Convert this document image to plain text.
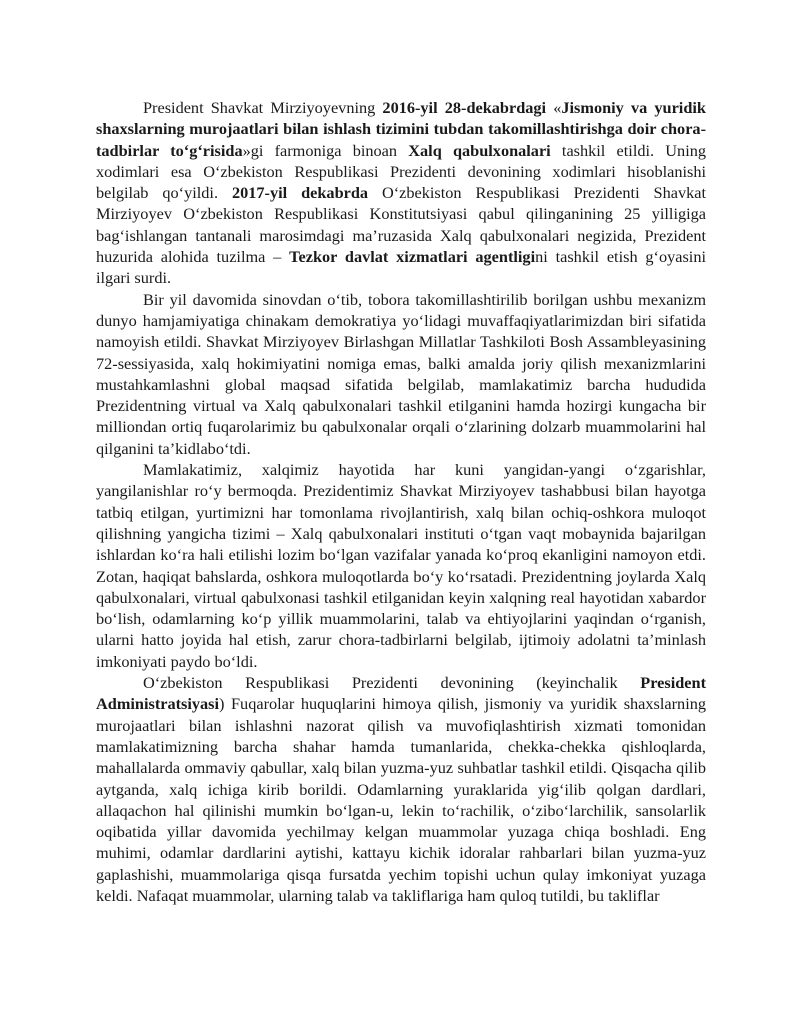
President Shavkat Mirziyoyevning 2016-yil 28-dekabrdagi «Jismoniy va yuridik shaxslarning murojaatlari bilan ishlash tizimini tubdan takomillashtirishga doir chora-tadbirlar to‘g‘risida»gi farmoniga binoan Xalq qabulxonalari tashkil etildi. Uning xodimlari esa O‘zbekiston Respublikasi Prezidenti devonining xodimlari hisoblanishi belgilab qo‘yildi. 2017-yil dekabrda O‘zbekiston Respublikasi Prezidenti Shavkat Mirziyoyev O‘zbekiston Respublikasi Konstitutsiyasi qabul qilinganining 25 yilligiga bag‘ishlangan tantanali marosimdagi ma’ruzasida Xalq qabulxonalari negizida, Prezident huzurida alohida tuzilma – Tezkor davlat xizmatlari agentligini tashkil etish g‘oyasini ilgari surdi.

Bir yil davomida sinovdan o‘tib, tobora takomillashtirilib borilgan ushbu mexanizm dunyo hamjamiyatiga chinakam demokratiya yo‘lidagi muvaffaqiyatlarimizdan biri sifatida namoyish etildi. Shavkat Mirziyoyev Birlashgan Millatlar Tashkiloti Bosh Assambleyasining 72-sessiyasida, xalq hokimiyatini nomiga emas, balki amalda joriy qilish mexanizmlarini mustahkamlashni global maqsad sifatida belgilab, mamlakatimiz barcha hududida Prezidentning virtual va Xalq qabulxonalari tashkil etilganini hamda hozirgi kungacha bir milliondan ortiq fuqarolarimiz bu qabulxonalar orqali o‘zlarining dolzarb muammolarini hal qilganini ta’kidlabo‘tdi.

Mamlakatimiz, xalqimiz hayotida har kuni yangidan-yangi o‘zgarishlar, yangilanishlar ro‘y bermoqda. Prezidentimiz Shavkat Mirziyoyev tashabbusi bilan hayotga tatbiq etilgan, yurtimizni har tomonlama rivojlantirish, xalq bilan ochiq-oshkora muloqot qilishning yangicha tizimi – Xalq qabulxonalari instituti o‘tgan vaqt mobaynida bajarilgan ishlardan ko‘ra hali etilishi lozim bo‘lgan vazifalar yanada ko‘proq ekanligini namoyon etdi. Zotan, haqiqat bahslarda, oshkora muloqotlarda bo‘y ko‘rsatadi. Prezidentning joylarda Xalq qabulxonalari, virtual qabulxonasi tashkil etilganidan keyin xalqning real hayotidan xabardor bo‘lish, odamlarning ko‘p yillik muammolarini, talab va ehtiyojlarini yaqindan o‘rganish, ularni hatto joyida hal etish, zarur chora-tadbirlarni belgilab, ijtimoiy adolatni ta’minlash imkoniyati paydo bo‘ldi.

O‘zbekiston Respublikasi Prezidenti devonining (keyinchalik President Administratsiyasi) Fuqarolar huquqlarini himoya qilish, jismoniy va yuridik shaxslarning murojaatlari bilan ishlashni nazorat qilish va muvofiqlashtirish xizmati tomonidan mamlakatimizning barcha shahar hamda tumanlarida, chekka-chekka qishloqlarda, mahallalarda ommaviy qabullar, xalq bilan yuzma-yuz suhbatlar tashkil etildi. Qisqacha qilib aytganda, xalq ichiga kirib borildi. Odamlarning yuraklarida yig‘ilib qolgan dardlari, allaqachon hal qilinishi mumkin bo‘lgan-u, lekin to‘rachilik, o‘zibo‘larchilik, sansolarlik oqibatida yillar davomida yechilmay kelgan muammolar yuzaga chiqa boshladi. Eng muhimi, odamlar dardlarini aytishi, kattayu kichik idoralar rahbarlari bilan yuzma-yuz gaplashishi, muammolariga qisqa fursatda yechim topishi uchun qulay imkoniyat yuzaga keldi. Nafaqat muammolar, ularning talab va takliflariga ham quloq tutildi, bu takliflar
